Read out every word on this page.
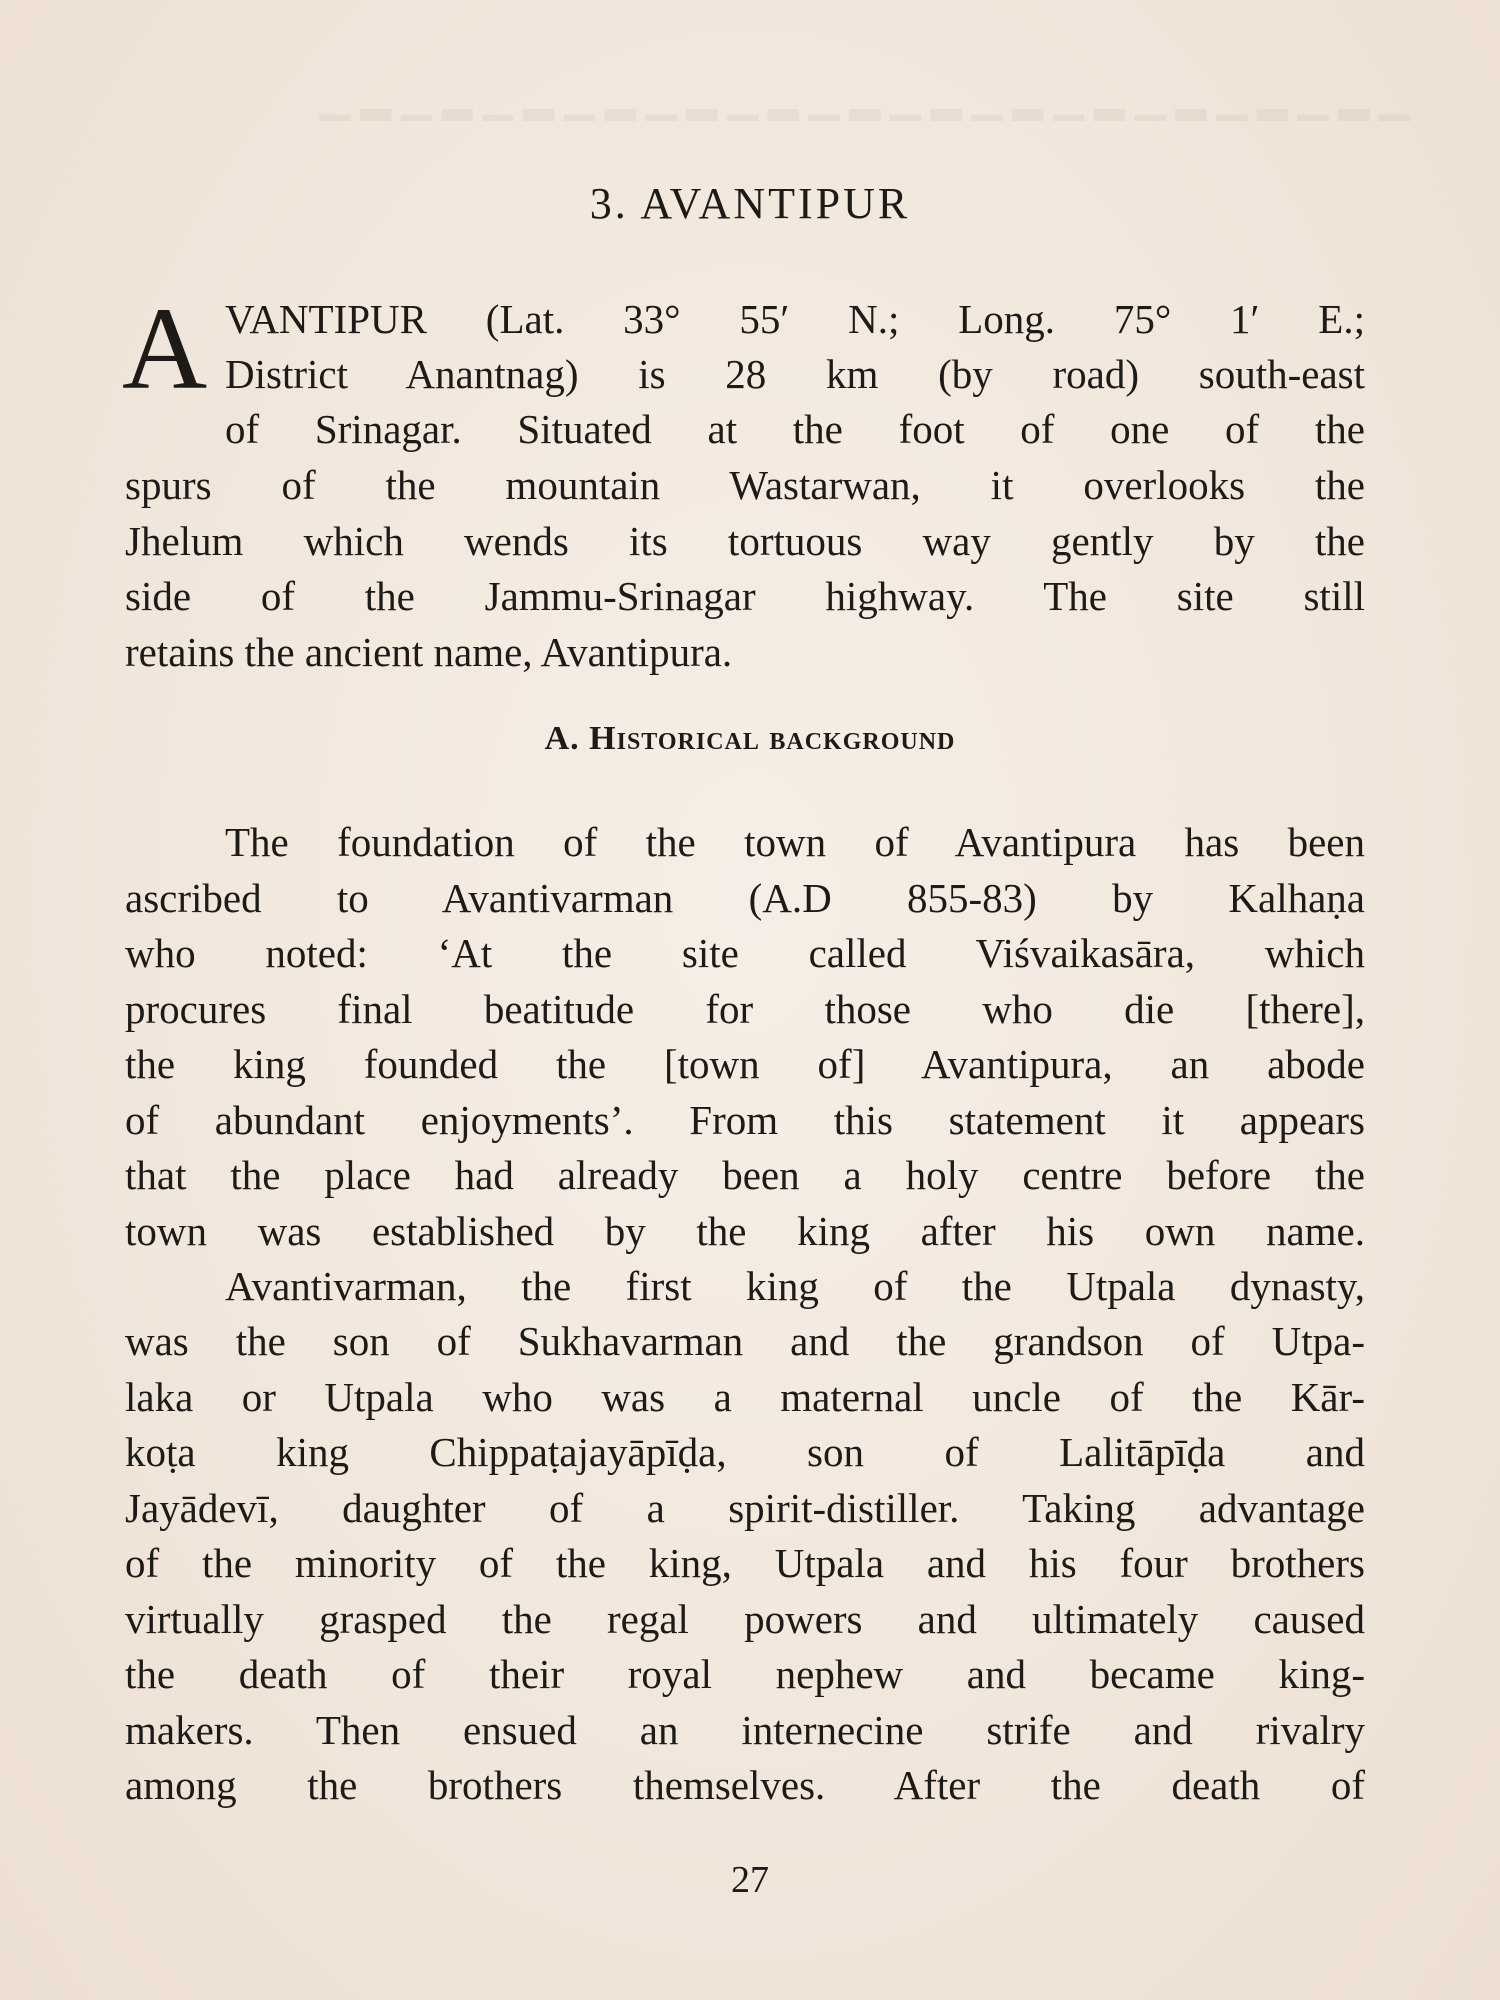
▁ ▂ ▁ ▂ ▁ ▂ ▁ ▂ ▁ ▂ ▁ ▂ ▁ ▂ ▁ ▂ ▁ ▂ ▁ ▂ ▁ ▂ ▁ ▂ ▁ ▂ ▁
3. AVANTIPUR
A VANTIPUR (Lat. 33° 55′ N.; Long. 75° 1′ E.;

District Anantnag) is 28 km (by road) south-east

of Srinagar. Situated at the foot of one of the

spurs of the mountain Wastarwan, it overlooks the

Jhelum which wends its tortuous way gently by the

side of the Jammu-Srinagar highway. The site still

retains the ancient name, Avantipura.

A. Historical background

The foundation of the town of Avantipura has been

ascribed to Avantivarman (A.D 855-83) by Kalhaṇa

who noted: ‘At the site called Viśvaikasāra, which

procures final beatitude for those who die [there],

the king founded the [town of] Avantipura, an abode

of abundant enjoyments’. From this statement it appears

that the place had already been a holy centre before the

town was established by the king after his own name.

Avantivarman, the first king of the Utpala dynasty,

was the son of Sukhavarman and the grandson of Utpa-

laka or Utpala who was a maternal uncle of the Kār-

koṭa king Chippaṭajayāpīḍa, son of Lalitāpīḍa and

Jayādevī, daughter of a spirit-distiller. Taking advantage

of the minority of the king, Utpala and his four brothers

virtually grasped the regal powers and ultimately caused

the death of their royal nephew and became king-

makers. Then ensued an internecine strife and rivalry

among the brothers themselves. After the death of

27
